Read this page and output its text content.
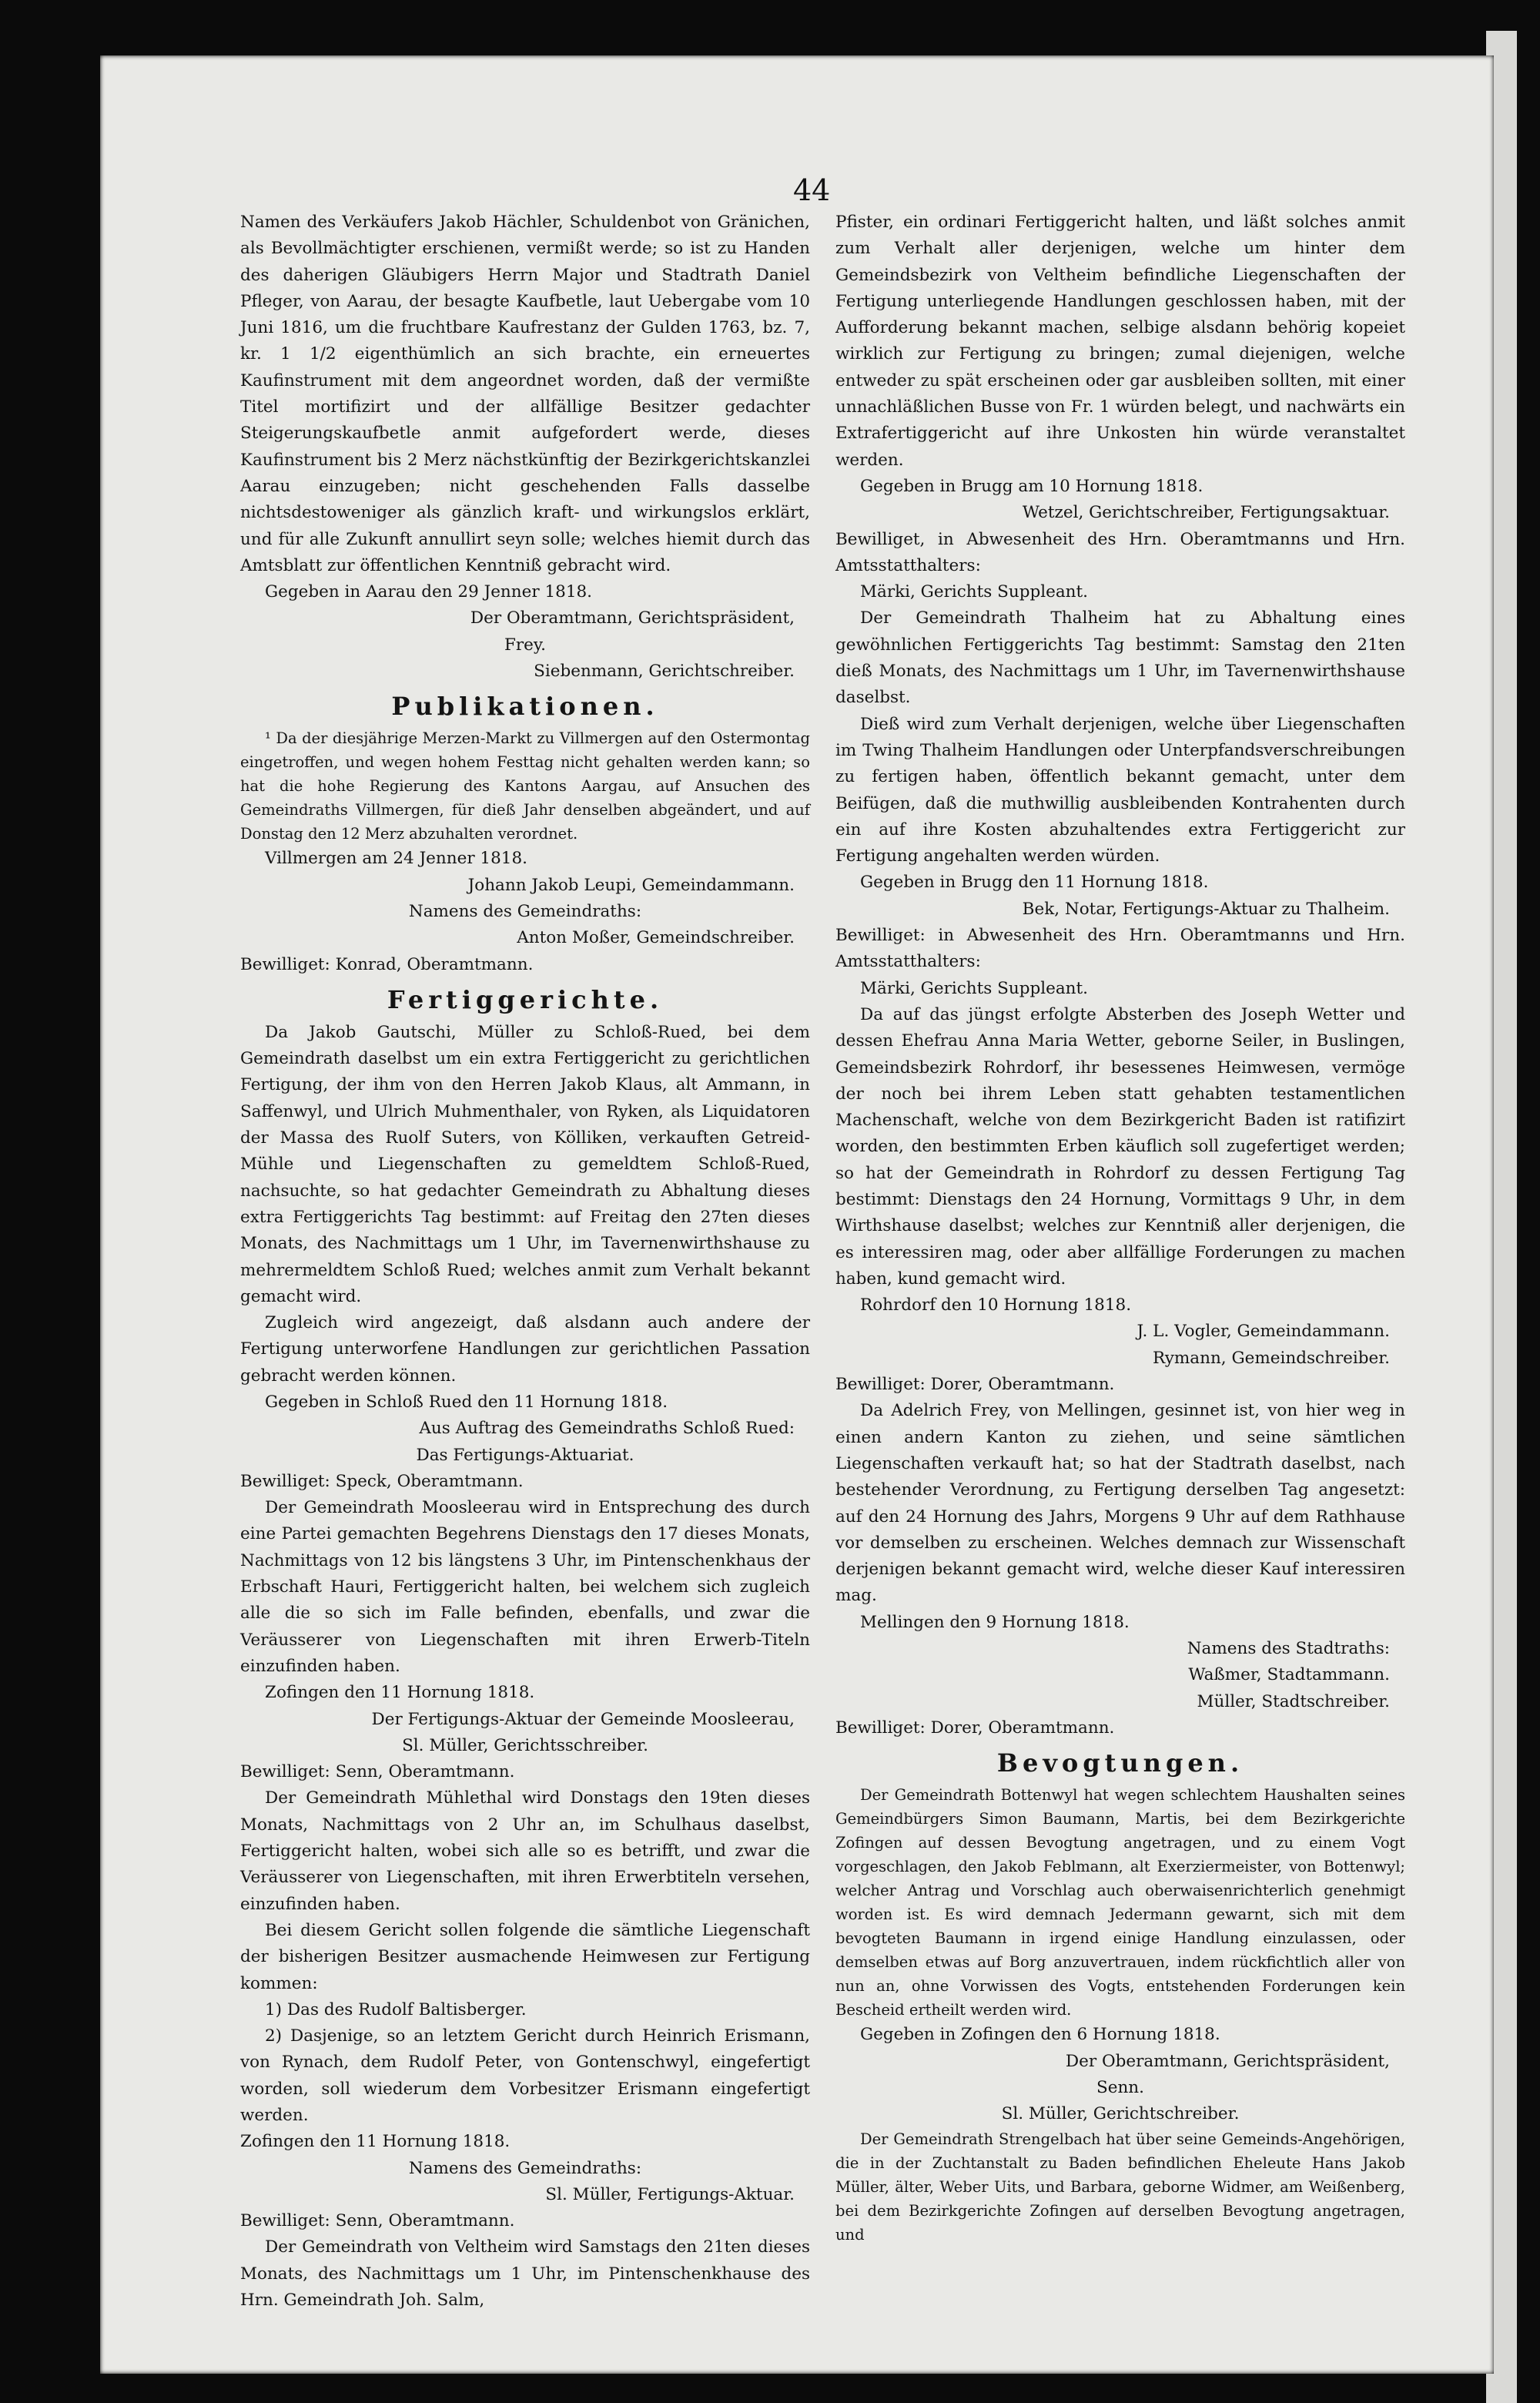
44

Namen des Verkäufers Jakob Hächler, Schuldenbot von Gränichen, als Bevollmächtigter erschienen, vermißt werde; so ist zu Handen des daherigen Gläubigers Herrn Major und Stadtrath Daniel Pfleger, von Aarau, der besagte Kaufbetle, laut Uebergabe vom 10 Juni 1816, um die fruchtbare Kaufrestanz der Gulden 1763, bz. 7, kr. 1 1/2 eigenthümlich an sich brachte, ein erneuertes Kaufinstrument mit dem angeordnet worden, daß der vermißte Titel mortifizirt und der allfällige Besitzer gedachter Steigerungskaufbetle anmit aufgefordert werde, dieses Kaufinstrument bis 2 Merz nächstkünftig der Bezirkgerichtskanzlei Aarau einzugeben; nicht geschehenden Falls dasselbe nichtsdestoweniger als gänzlich kraft- und wirkungslos erklärt, und für alle Zukunft annullirt seyn solle; welches hiemit durch das Amtsblatt zur öffentlichen Kenntniß gebracht wird.

Gegeben in Aarau den 29 Jenner 1818.

Der Oberamtmann, Gerichtspräsident,

Frey.

Siebenmann, Gerichtschreiber.

Publikationen.

¹ Da der diesjährige Merzen-Markt zu Villmergen auf den Ostermontag eingetroffen, und wegen hohem Festtag nicht gehalten werden kann; so hat die hohe Regierung des Kantons Aargau, auf Ansuchen des Gemeindraths Villmergen, für dieß Jahr denselben abgeändert, und auf Donstag den 12 Merz abzuhalten verordnet.

Villmergen am 24 Jenner 1818.

Johann Jakob Leupi, Gemeindammann.

Namens des Gemeindraths:

Anton Moßer, Gemeindschreiber.

Bewilliget: Konrad, Oberamtmann.

Fertiggerichte.

Da Jakob Gautschi, Müller zu Schloß-Rued, bei dem Gemeindrath daselbst um ein extra Fertiggericht zu gerichtlichen Fertigung, der ihm von den Herren Jakob Klaus, alt Ammann, in Saffenwyl, und Ulrich Muhmenthaler, von Ryken, als Liquidatoren der Massa des Ruolf Suters, von Kölliken, verkauften Getreid-Mühle und Liegenschaften zu gemeldtem Schloß-Rued, nachsuchte, so hat gedachter Gemeindrath zu Abhaltung dieses extra Fertiggerichts Tag bestimmt: auf Freitag den 27ten dieses Monats, des Nachmittags um 1 Uhr, im Tavernenwirthshause zu mehrermeldtem Schloß Rued; welches anmit zum Verhalt bekannt gemacht wird.

Zugleich wird angezeigt, daß alsdann auch andere der Fertigung unterworfene Handlungen zur gerichtlichen Passation gebracht werden können.

Gegeben in Schloß Rued den 11 Hornung 1818.

Aus Auftrag des Gemeindraths Schloß Rued:

Das Fertigungs-Aktuariat.

Bewilliget: Speck, Oberamtmann.

Der Gemeindrath Moosleerau wird in Entsprechung des durch eine Partei gemachten Begehrens Dienstags den 17 dieses Monats, Nachmittags von 12 bis längstens 3 Uhr, im Pintenschenkhaus der Erbschaft Hauri, Fertiggericht halten, bei welchem sich zugleich alle die so sich im Falle befinden, ebenfalls, und zwar die Veräusserer von Liegenschaften mit ihren Erwerb-Titeln einzufinden haben.

Zofingen den 11 Hornung 1818.

Der Fertigungs-Aktuar der Gemeinde Moosleerau,

Sl. Müller, Gerichtsschreiber.

Bewilliget: Senn, Oberamtmann.

Der Gemeindrath Mühlethal wird Donstags den 19ten dieses Monats, Nachmittags von 2 Uhr an, im Schulhaus daselbst, Fertiggericht halten, wobei sich alle so es betrifft, und zwar die Veräusserer von Liegenschaften, mit ihren Erwerbtiteln versehen, einzufinden haben.

Bei diesem Gericht sollen folgende die sämtliche Liegenschaft der bisherigen Besitzer ausmachende Heimwesen zur Fertigung kommen:

1) Das des Rudolf Baltisberger.

2) Dasjenige, so an letztem Gericht durch Heinrich Erismann, von Rynach, dem Rudolf Peter, von Gontenschwyl, eingefertigt worden, soll wiederum dem Vorbesitzer Erismann eingefertigt werden.

Zofingen den 11 Hornung 1818.

Namens des Gemeindraths:

Sl. Müller, Fertigungs-Aktuar.

Bewilliget: Senn, Oberamtmann.

Der Gemeindrath von Veltheim wird Samstags den 21ten dieses Monats, des Nachmittags um 1 Uhr, im Pintenschenkhause des Hrn. Gemeindrath Joh. Salm,

Pfister, ein ordinari Fertiggericht halten, und läßt solches anmit zum Verhalt aller derjenigen, welche um hinter dem Gemeindsbezirk von Veltheim befindliche Liegenschaften der Fertigung unterliegende Handlungen geschlossen haben, mit der Aufforderung bekannt machen, selbige alsdann behörig kopeiet wirklich zur Fertigung zu bringen; zumal diejenigen, welche entweder zu spät erscheinen oder gar ausbleiben sollten, mit einer unnachläßlichen Busse von Fr. 1 würden belegt, und nachwärts ein Extrafertiggericht auf ihre Unkosten hin würde veranstaltet werden.

Gegeben in Brugg am 10 Hornung 1818.

Wetzel, Gerichtschreiber, Fertigungsaktuar.

Bewilliget, in Abwesenheit des Hrn. Oberamtmanns und Hrn. Amtsstatthalters:

Märki, Gerichts Suppleant.

Der Gemeindrath Thalheim hat zu Abhaltung eines gewöhnlichen Fertiggerichts Tag bestimmt: Samstag den 21ten dieß Monats, des Nachmittags um 1 Uhr, im Tavernenwirthshause daselbst.

Dieß wird zum Verhalt derjenigen, welche über Liegenschaften im Twing Thalheim Handlungen oder Unterpfandsverschreibungen zu fertigen haben, öffentlich bekannt gemacht, unter dem Beifügen, daß die muthwillig ausbleibenden Kontrahenten durch ein auf ihre Kosten abzuhaltendes extra Fertiggericht zur Fertigung angehalten werden würden.

Gegeben in Brugg den 11 Hornung 1818.

Bek, Notar, Fertigungs-Aktuar zu Thalheim.

Bewilliget: in Abwesenheit des Hrn. Oberamtmanns und Hrn. Amtsstatthalters:

Märki, Gerichts Suppleant.

Da auf das jüngst erfolgte Absterben des Joseph Wetter und dessen Ehefrau Anna Maria Wetter, geborne Seiler, in Buslingen, Gemeindsbezirk Rohrdorf, ihr besessenes Heimwesen, vermöge der noch bei ihrem Leben statt gehabten testamentlichen Machenschaft, welche von dem Bezirkgericht Baden ist ratifizirt worden, den bestimmten Erben käuflich soll zugefertiget werden; so hat der Gemeindrath in Rohrdorf zu dessen Fertigung Tag bestimmt: Dienstags den 24 Hornung, Vormittags 9 Uhr, in dem Wirthshause daselbst; welches zur Kenntniß aller derjenigen, die es interessiren mag, oder aber allfällige Forderungen zu machen haben, kund gemacht wird.

Rohrdorf den 10 Hornung 1818.

J. L. Vogler, Gemeindammann.

Rymann, Gemeindschreiber.

Bewilliget: Dorer, Oberamtmann.

Da Adelrich Frey, von Mellingen, gesinnet ist, von hier weg in einen andern Kanton zu ziehen, und seine sämtlichen Liegenschaften verkauft hat; so hat der Stadtrath daselbst, nach bestehender Verordnung, zu Fertigung derselben Tag angesetzt: auf den 24 Hornung des Jahrs, Morgens 9 Uhr auf dem Rathhause vor demselben zu erscheinen. Welches demnach zur Wissenschaft derjenigen bekannt gemacht wird, welche dieser Kauf interessiren mag.

Mellingen den 9 Hornung 1818.

Namens des Stadtraths:

Waßmer, Stadtammann.

Müller, Stadtschreiber.

Bewilliget: Dorer, Oberamtmann.

Bevogtungen.

Der Gemeindrath Bottenwyl hat wegen schlechtem Haushalten seines Gemeindbürgers Simon Baumann, Martis, bei dem Bezirkgerichte Zofingen auf dessen Bevogtung angetragen, und zu einem Vogt vorgeschlagen, den Jakob Feblmann, alt Exerziermeister, von Bottenwyl; welcher Antrag und Vorschlag auch oberwaisenrichterlich genehmigt worden ist. Es wird demnach Jedermann gewarnt, sich mit dem bevogteten Baumann in irgend einige Handlung einzulassen, oder demselben etwas auf Borg anzuvertrauen, indem rückfichtlich aller von nun an, ohne Vorwissen des Vogts, entstehenden Forderungen kein Bescheid ertheilt werden wird.

Gegeben in Zofingen den 6 Hornung 1818.

Der Oberamtmann, Gerichtspräsident,

Senn.

Sl. Müller, Gerichtschreiber.

Der Gemeindrath Strengelbach hat über seine Gemeinds-Angehörigen, die in der Zuchtanstalt zu Baden befindlichen Eheleute Hans Jakob Müller, älter, Weber Uits, und Barbara, geborne Widmer, am Weißenberg, bei dem Bezirkgerichte Zofingen auf derselben Bevogtung angetragen, und
